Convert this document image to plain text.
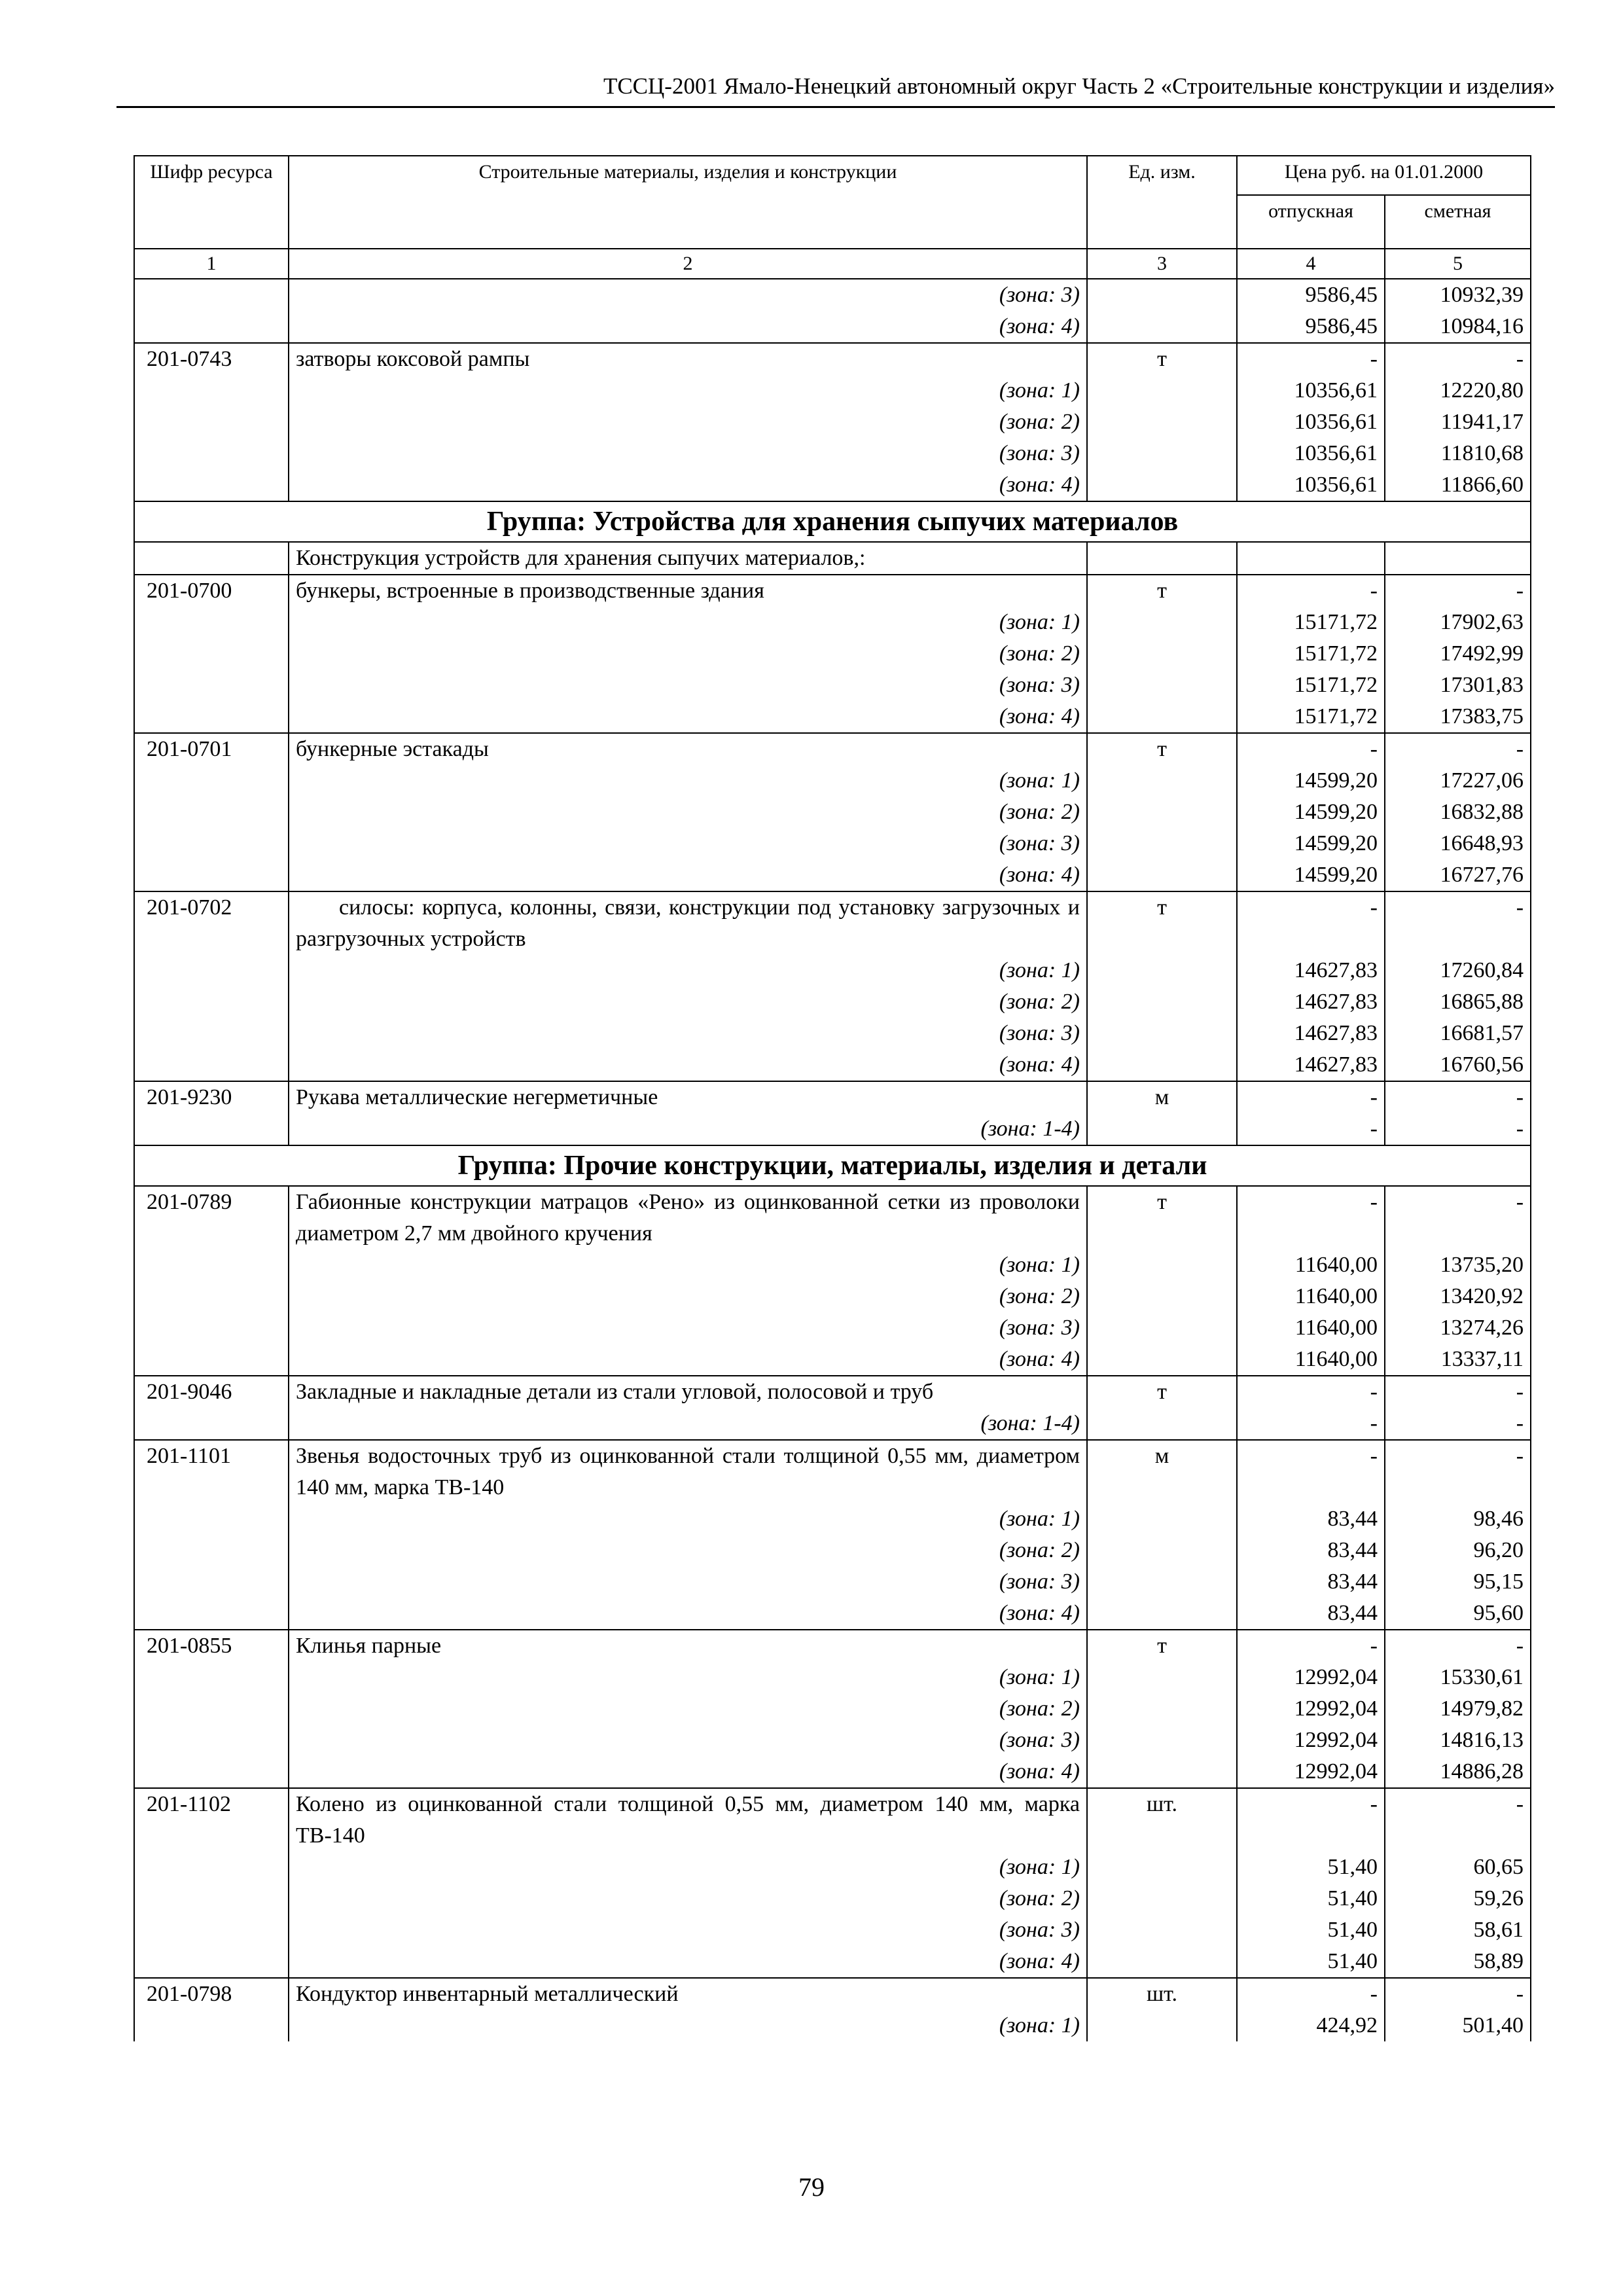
ТССЦ-2001 Ямало-Ненецкий автономный округ Часть 2 «Строительные конструкции и изделия»
Шифр ресурса	Строительные материалы, изделия и конструкции	Ед. изм.	Цена руб. на 01.01.2000	
			отпускная	сметная
1	2	3	4	5
	(зона: 3)		9586,45	10932,39
	(зона: 4)		9586,45	10984,16
201-0743	затворы коксовой рампы	т	-	-
	(зона: 1)		10356,61	12220,80
	(зона: 2)		10356,61	11941,17
	(зона: 3)		10356,61	11810,68
	(зона: 4)		10356,61	11866,60
Группа: Устройства для хранения сыпучих материалов				
	Конструкция устройств для хранения сыпучих материалов,:			
201-0700	бункеры, встроенные в производственные здания	т	-	-
	(зона: 1)		15171,72	17902,63
	(зона: 2)		15171,72	17492,99
	(зона: 3)		15171,72	17301,83
	(зона: 4)		15171,72	17383,75
201-0701	бункерные эстакады	т	-	-
	(зона: 1)		14599,20	17227,06
	(зона: 2)		14599,20	16832,88
	(зона: 3)		14599,20	16648,93
	(зона: 4)		14599,20	16727,76
201-0702	силосы: корпуса, колонны, связи, конструкции под установку загрузочных и разгрузочных устройств	т	-	-
	(зона: 1)		14627,83	17260,84
	(зона: 2)		14627,83	16865,88
	(зона: 3)		14627,83	16681,57
	(зона: 4)		14627,83	16760,56
201-9230	Рукава металлические негерметичные	м	-	-
	(зона: 1-4)		-	-
Группа: Прочие конструкции, материалы, изделия и детали				
201-0789	Габионные конструкции матрацов «Рено» из оцинкованной сетки из проволоки диаметром 2,7 мм двойного кручения	т	-	-
	(зона: 1)		11640,00	13735,20
	(зона: 2)		11640,00	13420,92
	(зона: 3)		11640,00	13274,26
	(зона: 4)		11640,00	13337,11
201-9046	Закладные и накладные детали из стали угловой, полосовой и труб	т	-	-
	(зона: 1-4)		-	-
201-1101	Звенья водосточных труб из оцинкованной стали толщиной 0,55 мм, диаметром 140 мм, марка ТВ-140	м	-	-
	(зона: 1)		83,44	98,46
	(зона: 2)		83,44	96,20
	(зона: 3)		83,44	95,15
	(зона: 4)		83,44	95,60
201-0855	Клинья парные	т	-	-
	(зона: 1)		12992,04	15330,61
	(зона: 2)		12992,04	14979,82
	(зона: 3)		12992,04	14816,13
	(зона: 4)		12992,04	14886,28
201-1102	Колено из оцинкованной стали толщиной 0,55 мм, диаметром 140 мм, марка ТВ-140	шт.	-	-
	(зона: 1)		51,40	60,65
	(зона: 2)		51,40	59,26
	(зона: 3)		51,40	58,61
	(зона: 4)		51,40	58,89
201-0798	Кондуктор инвентарный металлический	шт.	-	-
	(зона: 1)		424,92	501,40
79
